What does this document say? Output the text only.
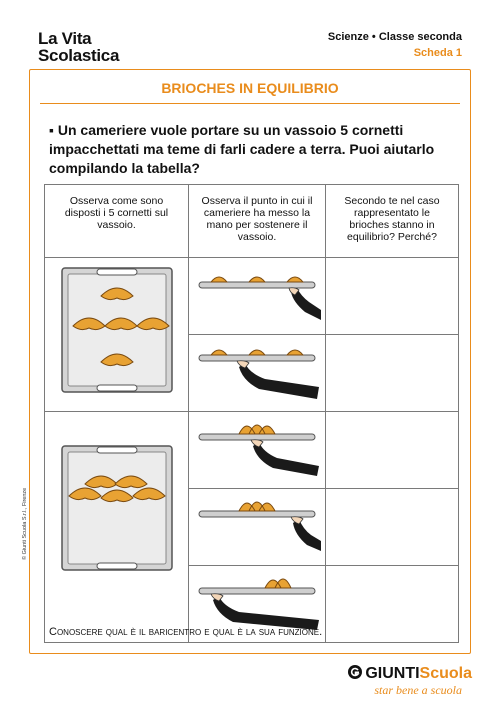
La Vita
Scolastica
Scienze • Classe seconda
Scheda 1
BRIOCHES IN EQUILIBRIO
▪ Un cameriere vuole portare su un vassoio 5 cornetti impacchettati ma teme di farli cadere a terra. Puoi aiutarlo compilando la tabella?
Osserva come sono disposti i 5 cornetti sul vassoio.	Osserva il punto in cui il cameriere ha messo la mano per sostenere il vassoio.	Secondo te nel caso rappresentato le brioches stanno in equilibrio? Perché?

Conoscere qual è il baricentro e qual è la sua funzione.
© Giunti Scuola S.r.l., Firenze
GIUNTIScuola
star bene a scuola
